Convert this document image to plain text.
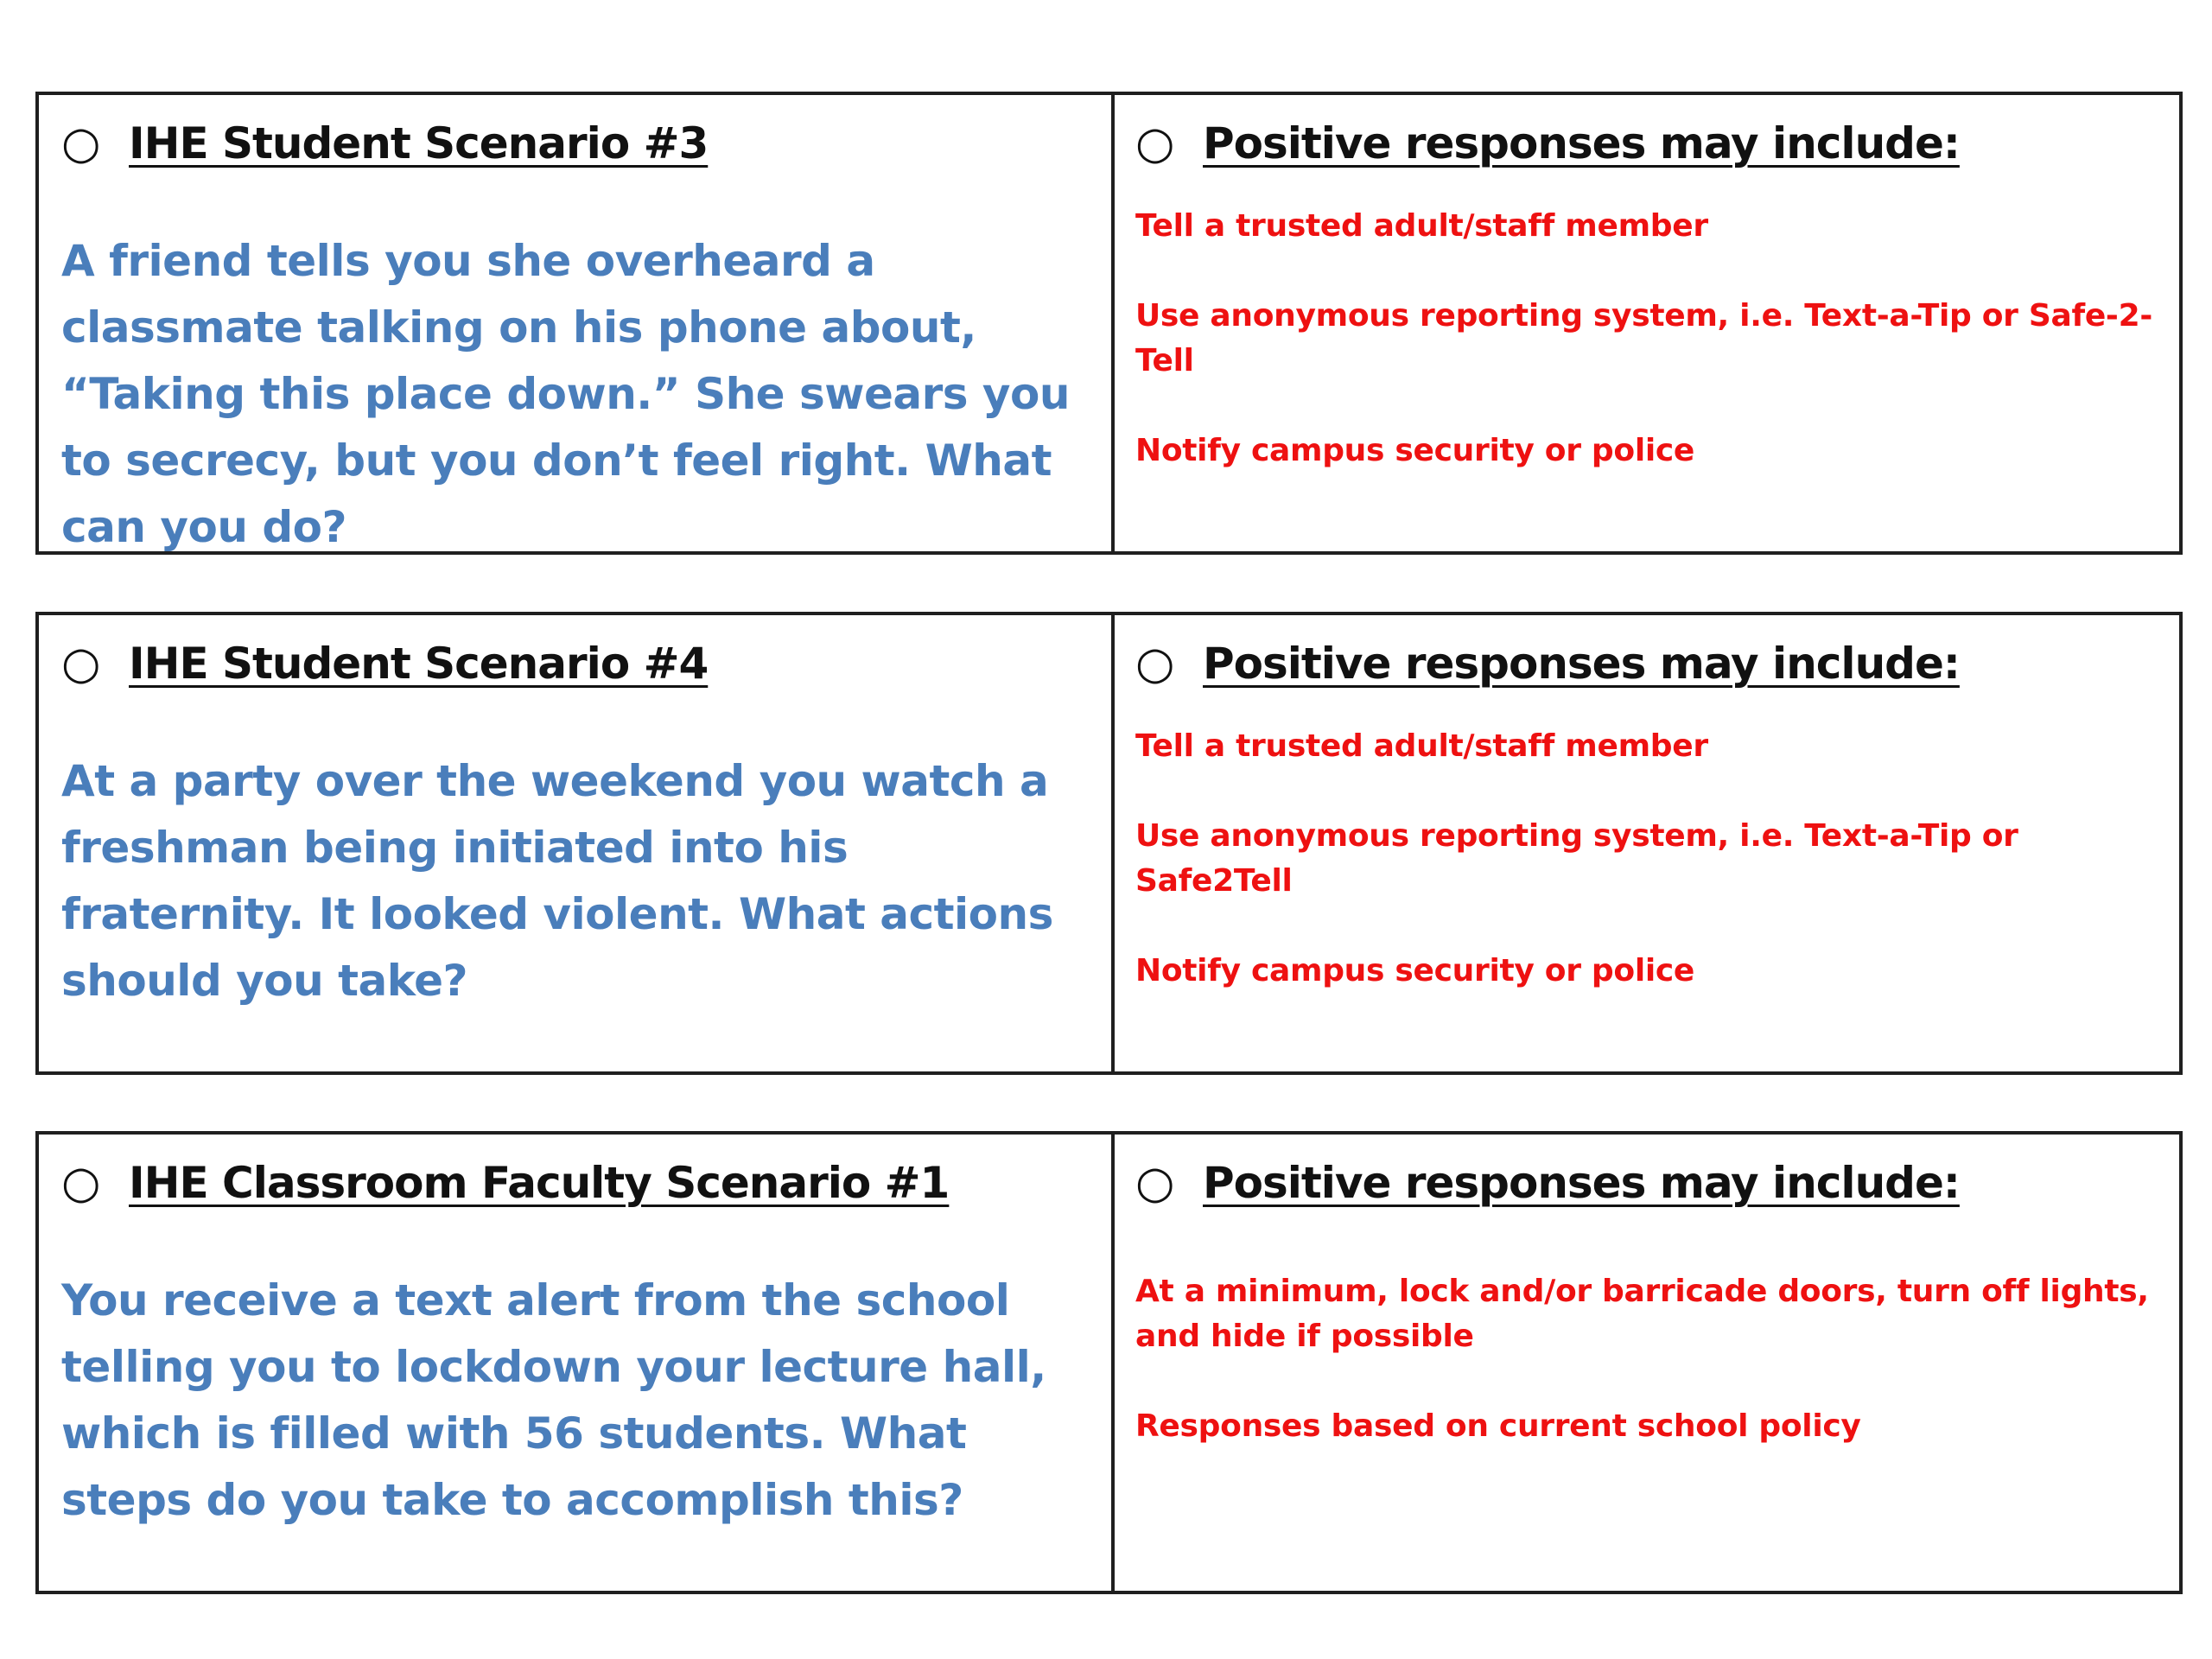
○ IHE Student Scenario #3
A friend tells you she overheard a classmate talking on his phone about, “Taking this place down.” She swears you to secrecy, but you don’t feel right. What can you do?
○ Positive responses may include:
Tell a trusted adult/staff member
Use anonymous reporting system, i.e. Text-a-Tip or Safe-2-Tell
Notify campus security or police
○ IHE Student Scenario #4
At a party over the weekend you watch a freshman being initiated into his fraternity. It looked violent. What actions should you take?
○ Positive responses may include:
Tell a trusted adult/staff member
Use anonymous reporting system, i.e. Text-a-Tip or Safe2Tell
Notify campus security or police
○ IHE Classroom Faculty Scenario #1
You receive a text alert from the school telling you to lockdown your lecture hall, which is filled with 56 students. What steps do you take to accomplish this?
○ Positive responses may include:
At a minimum, lock and/or barricade doors, turn off lights, and hide if possible
Responses based on current school policy
